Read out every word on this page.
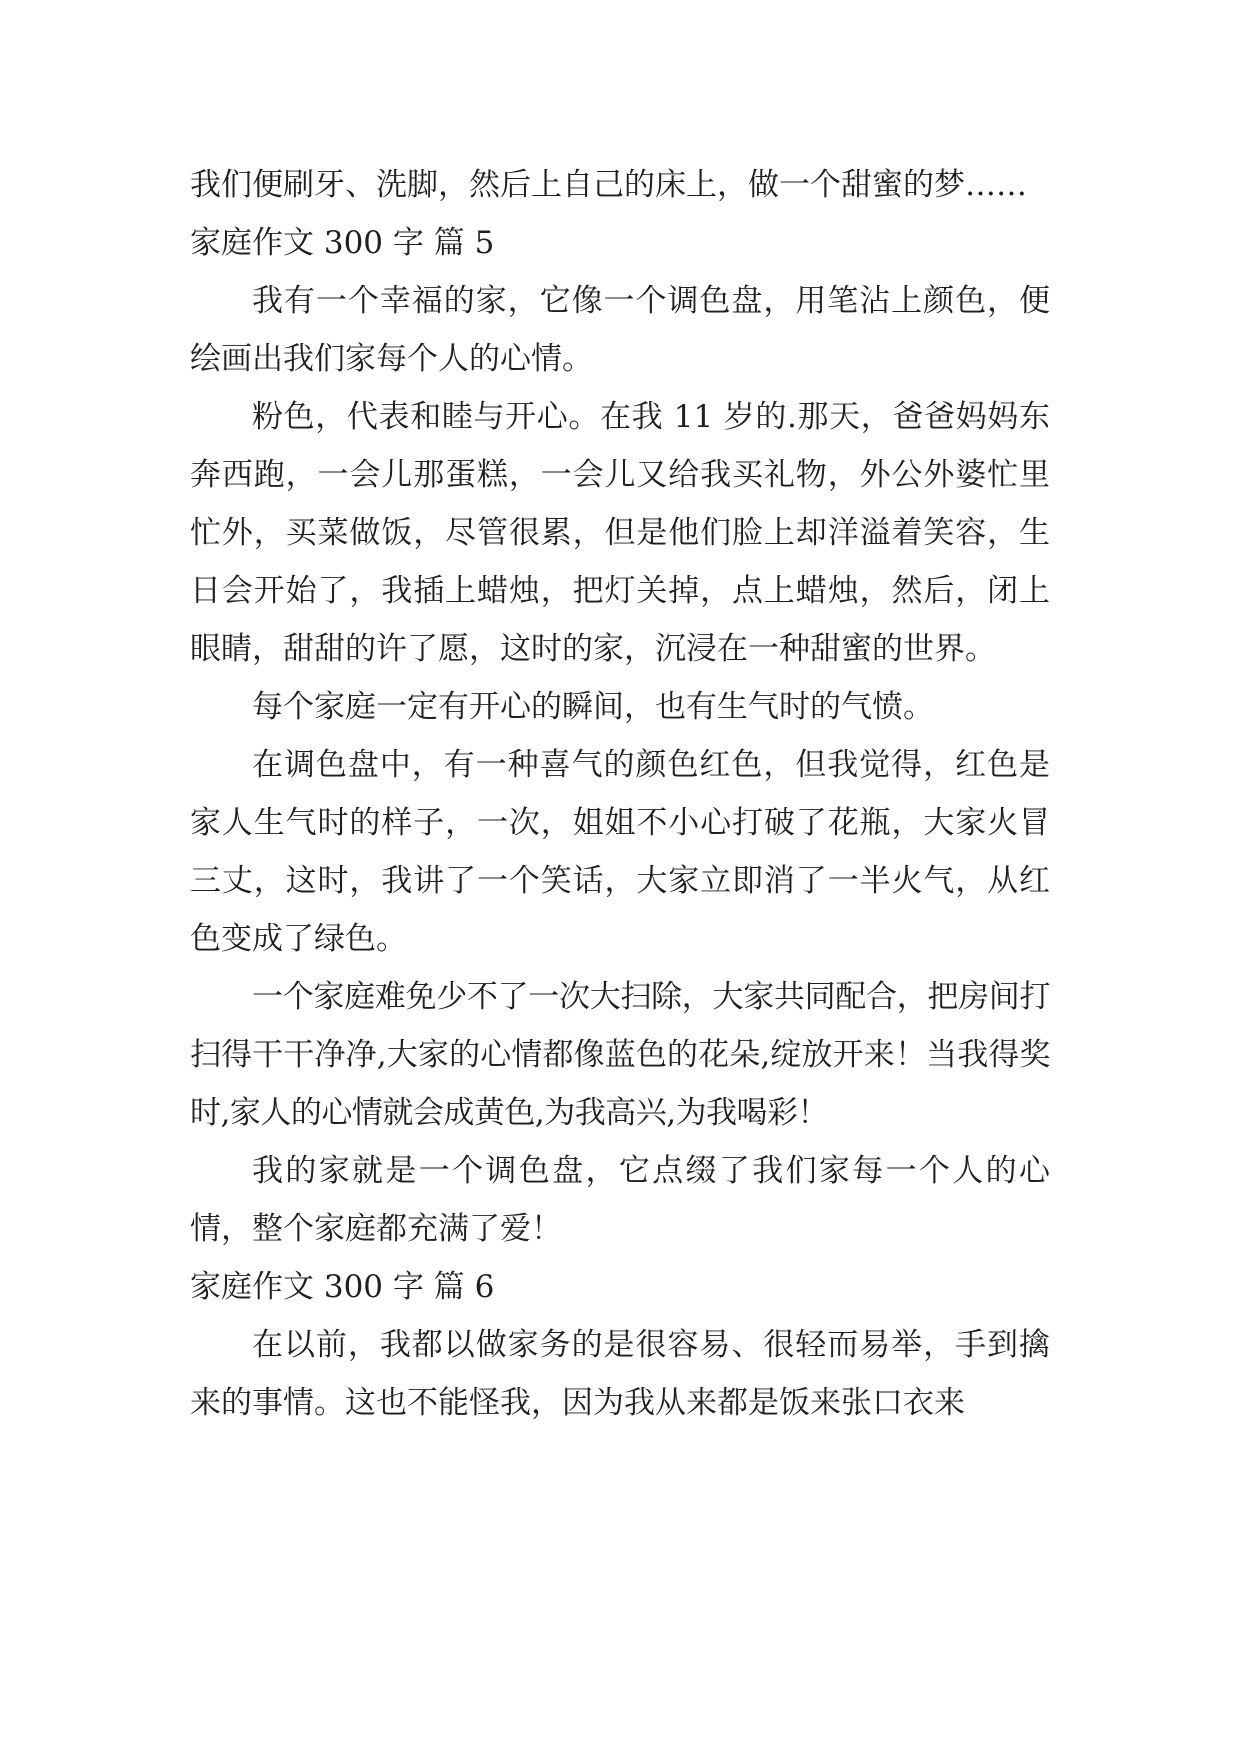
我们便刷牙、洗脚，然后上自己的床上，做一个甜蜜的梦……

家庭作文 300 字 篇 5

我有一个幸福的家，它像一个调色盘，用笔沾上颜色，便绘画出我们家每个人的心情。

粉色，代表和睦与开心。在我 11 岁的.那天，爸爸妈妈东奔西跑，一会儿那蛋糕，一会儿又给我买礼物，外公外婆忙里忙外，买菜做饭，尽管很累，但是他们脸上却洋溢着笑容，生日会开始了，我插上蜡烛，把灯关掉，点上蜡烛，然后，闭上眼睛，甜甜的许了愿，这时的家，沉浸在一种甜蜜的世界。

每个家庭一定有开心的瞬间，也有生气时的气愤。

在调色盘中，有一种喜气的颜色红色，但我觉得，红色是家人生气时的样子，一次，姐姐不小心打破了花瓶，大家火冒三丈，这时，我讲了一个笑话，大家立即消了一半火气，从红色变成了绿色。

一个家庭难免少不了一次大扫除，大家共同配合，把房间打扫得干干净净,大家的心情都像蓝色的花朵,绽放开来！当我得奖时,家人的心情就会成黄色,为我高兴,为我喝彩！

我的家就是一个调色盘，它点缀了我们家每一个人的心情，整个家庭都充满了爱！

家庭作文 300 字 篇 6

在以前，我都以做家务的是很容易、很轻而易举，手到擒来的事情。这也不能怪我，因为我从来都是饭来张口衣来
